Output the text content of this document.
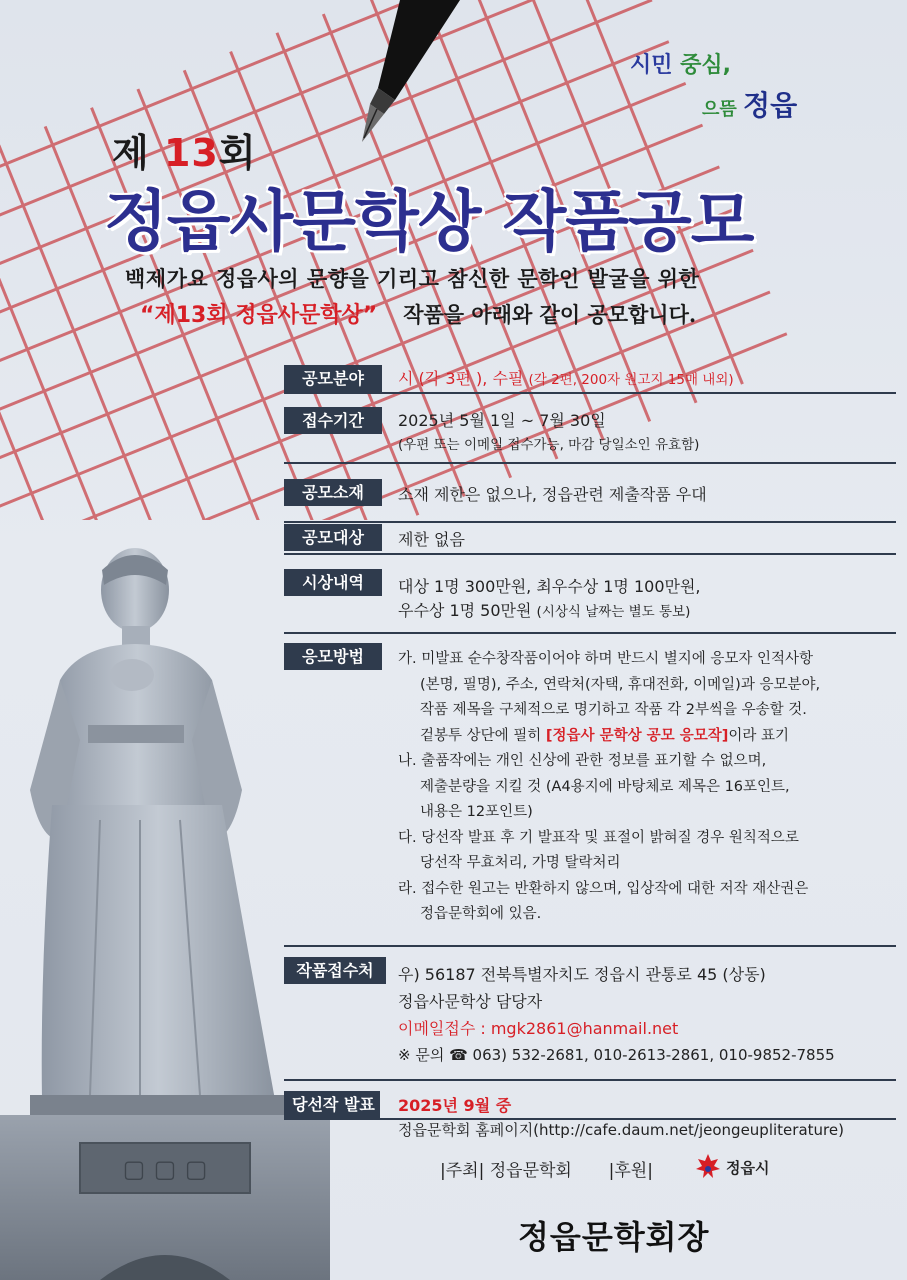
시민 중심,
으뜸 정읍
제 13회
정읍사문학상 작품공모
백제가요 정읍사의 문향을 기리고 참신한 문학인 발굴을 위한
“제13회 정읍사문학상” 작품을 아래와 같이 공모합니다.
▢ ▢ ▢
공모분야	시 (각 3편 ), 수필 (각 2편, 200자 원고지 15매 내외)
접수기간	2025년 5월 1일 ~ 7월 30일
(우편 또는 이메일 접수가능, 마감 당일소인 유효함)
공모소재	소재 제한은 없으나, 정읍관련 제출작품 우대
공모대상	제한 없음
시상내역	대상 1명 300만원, 최우수상 1명 100만원,
우수상 1명 50만원 (시상식 날짜는 별도 통보)
응모방법	가. 미발표 순수창작품이어야 하며 반드시 별지에 응모자 인적사항
(본명, 필명), 주소, 연락처(자택, 휴대전화, 이메일)과 응모분야,
작품 제목을 구체적으로 명기하고 작품 각 2부씩을 우송할 것.
겉봉투 상단에 필히 [정읍사 문학상 공모 응모작]이라 표기
나. 출품작에는 개인 신상에 관한 정보를 표기할 수 없으며,
제출분량을 지킬 것 (A4용지에 바탕체로 제목은 16포인트,
내용은 12포인트)
다. 당선작 발표 후 기 발표작 및 표절이 밝혀질 경우 원칙적으로
당선작 무효처리, 가명 탈락처리
라. 접수한 원고는 반환하지 않으며, 입상작에 대한 저작 재산권은
정읍문학회에 있음.
작품접수처	우) 56187 전북특별자치도 정읍시 관통로 45 (상동)
정읍사문학상 담당자
이메일접수 : mgk2861@hanmail.net
※ 문의 ☎ 063) 532-2681, 010-2613-2861, 010-9852-7855
당선작 발표	2025년 9월 중
정읍문학회 홈페이지(http://cafe.daum.net/jeongeupliterature)
|주최| 정읍문학회 |후원|	정읍시
정읍문학회장
